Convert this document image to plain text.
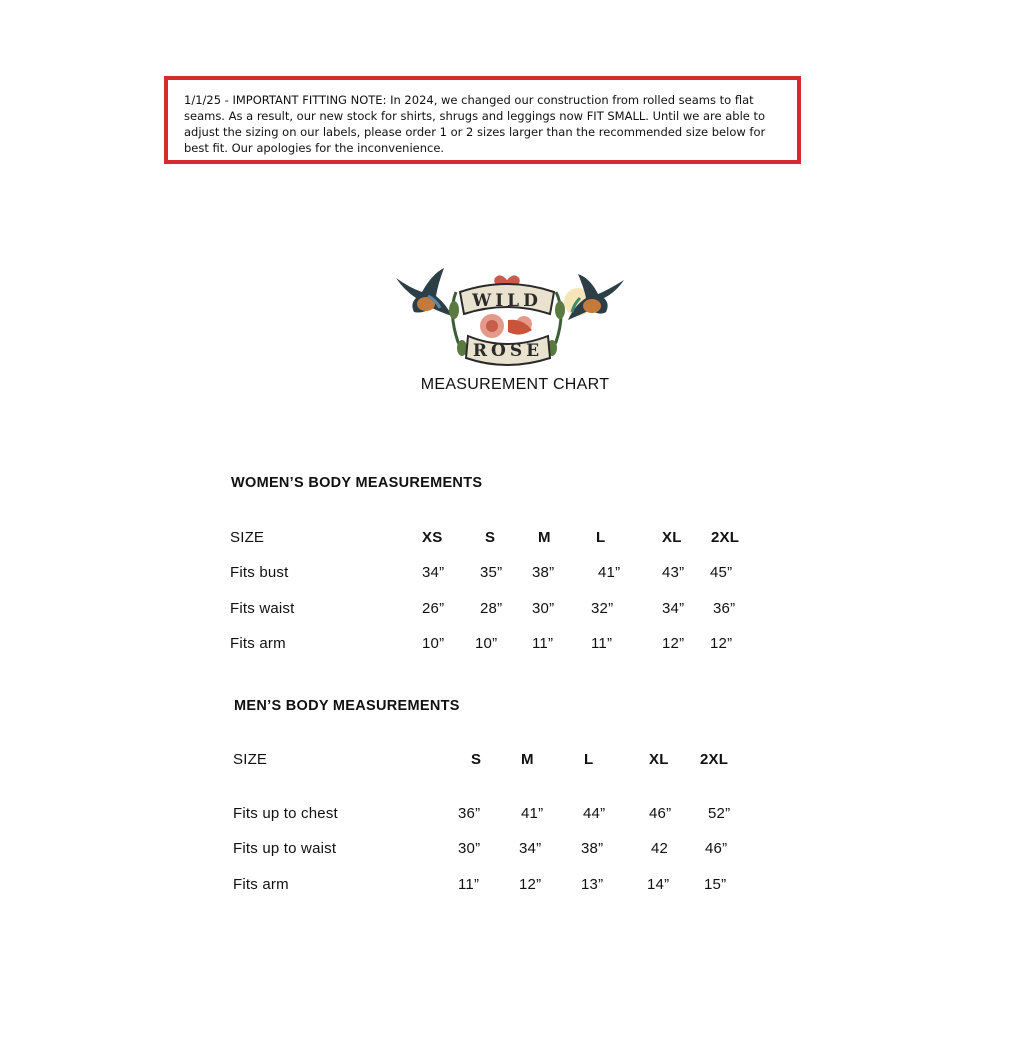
1/1/25 - IMPORTANT FITTING NOTE: In 2024, we changed our construction from rolled seams to flat
seams. As a result, our new stock for shirts, shrugs and leggings now FIT SMALL. Until we are able to
adjust the sizing on our labels, please order 1 or 2 sizes larger than the recommended size below for
best fit. Our apologies for the inconvenience.
WILD
ROSE
MEASUREMENT CHART
WOMEN’S BODY MEASUREMENTS
SIZE	XS	S	M	L	XL 2XL
Fits bust	34” 35” 38”	41”	43” 45”
Fits waist	26” 28” 30” 32”	34” 36”
Fits arm	10” 10” 11”	11”	12” 12”
MEN’S BODY MEASUREMENTS
SIZE	S	M	L	XL 2XL
Fits up to chest	36”	41”	44”	46” 52”
Fits up to waist	30”	34”	38”	42 46”
Fits arm	11”	12”	13”	14” 15”
